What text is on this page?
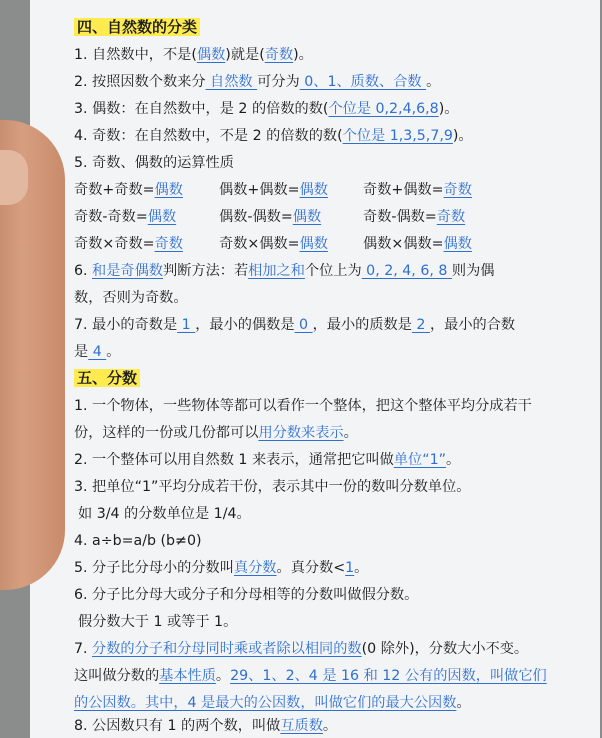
四、自然数的分类
1. 自然数中，不是(偶数)就是(奇数)。
2. 按照因数个数来分 自然数 可分为 0、1、质数、合数 。
3. 偶数：在自然数中，是 2 的倍数的数(个位是 0,2,4,6,8)。
4. 奇数：在自然数中，不是 2 的倍数的数(个位是 1,3,5,7,9)。
5. 奇数、偶数的运算性质
奇数+奇数=偶数	偶数+偶数=偶数 奇数+偶数=奇数
奇数-奇数=偶数	偶数-偶数=偶数	奇数-偶数=奇数
奇数×奇数=奇数	奇数×偶数=偶数 偶数×偶数=偶数
6. 和是奇偶数判断方法：若相加之和个位上为 0, 2, 4, 6, 8 则为偶
数，否则为奇数。
7. 最小的奇数是 1 ，最小的偶数是 0 ，最小的质数是 2 ，最小的合数
是 4 。
五、分数
1. 一个物体，一些物体等都可以看作一个整体，把这个整体平均分成若干
份，这样的一份或几份都可以用分数来表示。
2. 一个整体可以用自然数 1 来表示，通常把它叫做单位“1”。
3. 把单位“1”平均分成若干份，表示其中一份的数叫分数单位。
如 3/4 的分数单位是 1/4。
4. a÷b=a/b (b≠0)
5. 分子比分母小的分数叫真分数。真分数<1。
6. 分子比分母大或分子和分母相等的分数叫做假分数。
假分数大于 1 或等于 1。
7. 分数的分子和分母同时乘或者除以相同的数(0 除外)，分数大小不变。
这叫做分数的基本性质。29、1、2、4 是 16 和 12 公有的因数，叫做它们
的公因数。其中，4 是最大的公因数，叫做它们的最大公因数。
8. 公因数只有 1 的两个数，叫做互质数。
